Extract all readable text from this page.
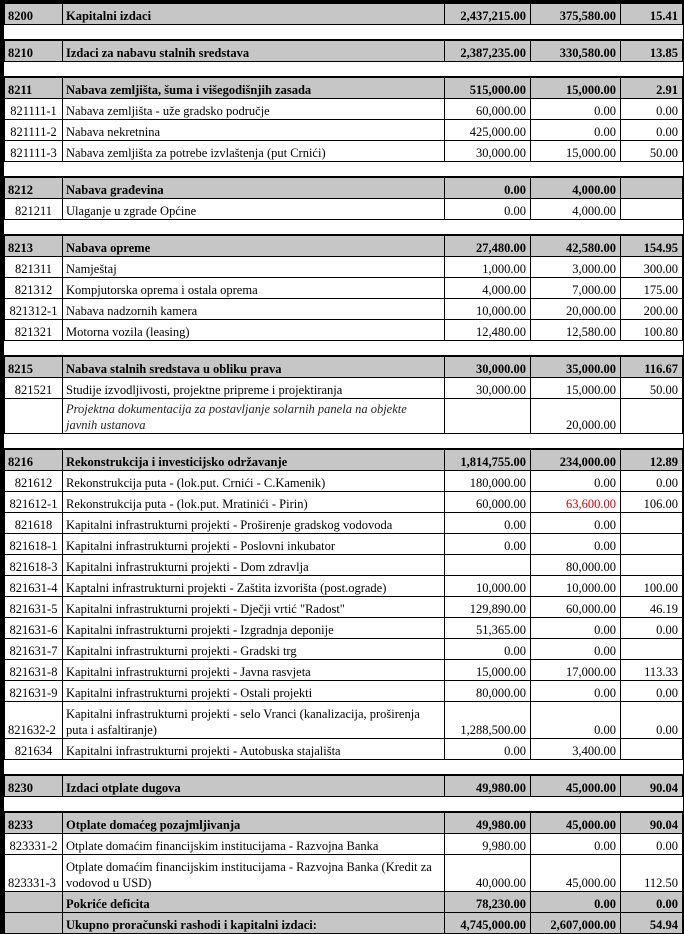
8200	Kapitalni izdaci	2,437,215.00	375,580.00	15.41

8210	Izdaci za nabavu stalnih sredstava	2,387,235.00	330,580.00	13.85

8211	Nabava zemljišta, šuma i višegodišnjih zasada	515,000.00	15,000.00	2.91
821111-1	Nabava zemljišta - uže gradsko područje	60,000.00	0.00	0.00
821111-2	Nabava nekretnina	425,000.00	0.00	0.00
821111-3	Nabava zemljišta za potrebe izvlaštenja (put Crnići)	30,000.00	15,000.00	50.00

8212	Nabava građevina	0.00	4,000.00	
821211	Ulaganje u zgrade Općine	0.00	4,000.00	

8213	Nabava opreme	27,480.00	42,580.00	154.95
821311	Namještaj	1,000.00	3,000.00	300.00
821312	Kompjutorska oprema i ostala oprema	4,000.00	7,000.00	175.00
821312-1	Nabava nadzornih kamera	10,000.00	20,000.00	200.00
821321	Motorna vozila (leasing)	12,480.00	12,580.00	100.80

8215	Nabava stalnih sredstava u obliku prava	30,000.00	35,000.00	116.67
821521	Studije izvodljivosti, projektne pripreme i projektiranja	30,000.00	15,000.00	50.00
	Projektna dokumentacija za postavljanje solarnih panela na objekte javnih ustanova		20,000.00	

8216	Rekonstrukcija i investicijsko održavanje	1,814,755.00	234,000.00	12.89
821612	Rekonstrukcija puta - (lok.put. Crnići - C.Kamenik)	180,000.00	0.00	0.00
821612-1	Rekonstrukcija puta - (lok.put. Mratinići - Pirin)	60,000.00	63,600.00	106.00
821618	Kapitalni infrastrukturni projekti - Proširenje gradskog vodovoda	0.00	0.00	
821618-1	Kapitalni infrastrukturni projekti - Poslovni inkubator	0.00	0.00	
821618-3	Kapitalni infrastrukturni projekti - Dom zdravlja		80,000.00	
821631-4	Kaptalni infrastrukturni projekti - Zaštita izvorišta (post.ograde)	10,000.00	10,000.00	100.00
821631-5	Kapitalni infrastrukturni projekti - Dječji vrtić "Radost"	129,890.00	60,000.00	46.19
821631-6	Kapitalni infrastrukturni projekti - Izgradnja deponije	51,365.00	0.00	0.00
821631-7	Kapitalni infrastrukturni projekti - Gradski trg	0.00	0.00	
821631-8	Kapitalni infrastrukturni projekti - Javna rasvjeta	15,000.00	17,000.00	113.33
821631-9	Kapitalni infrastrukturni projekti - Ostali projekti	80,000.00	0.00	0.00
821632-2	Kapitalni infrastrukturni projekti - selo Vranci (kanalizacija, proširenja puta i asfaltiranje)	1,288,500.00	0.00	0.00
821634	Kapitalni infrastrukturni projekti - Autobuska stajališta	0.00	3,400.00	

8230	Izdaci otplate dugova	49,980.00	45,000.00	90.04

8233	Otplate domaćeg pozajmljivanja	49,980.00	45,000.00	90.04
823331-2	Otplate domaćim financijskim institucijama - Razvojna Banka	9,980.00	0.00	0.00
823331-3	Otplate domaćim financijskim institucijama - Razvojna Banka (Kredit za vodovod u USD)	40,000.00	45,000.00	112.50
	Pokriće deficita	78,230.00	0.00	0.00
	Ukupno proračunski rashodi i kapitalni izdaci:	4,745,000.00	2,607,000.00	54.94
